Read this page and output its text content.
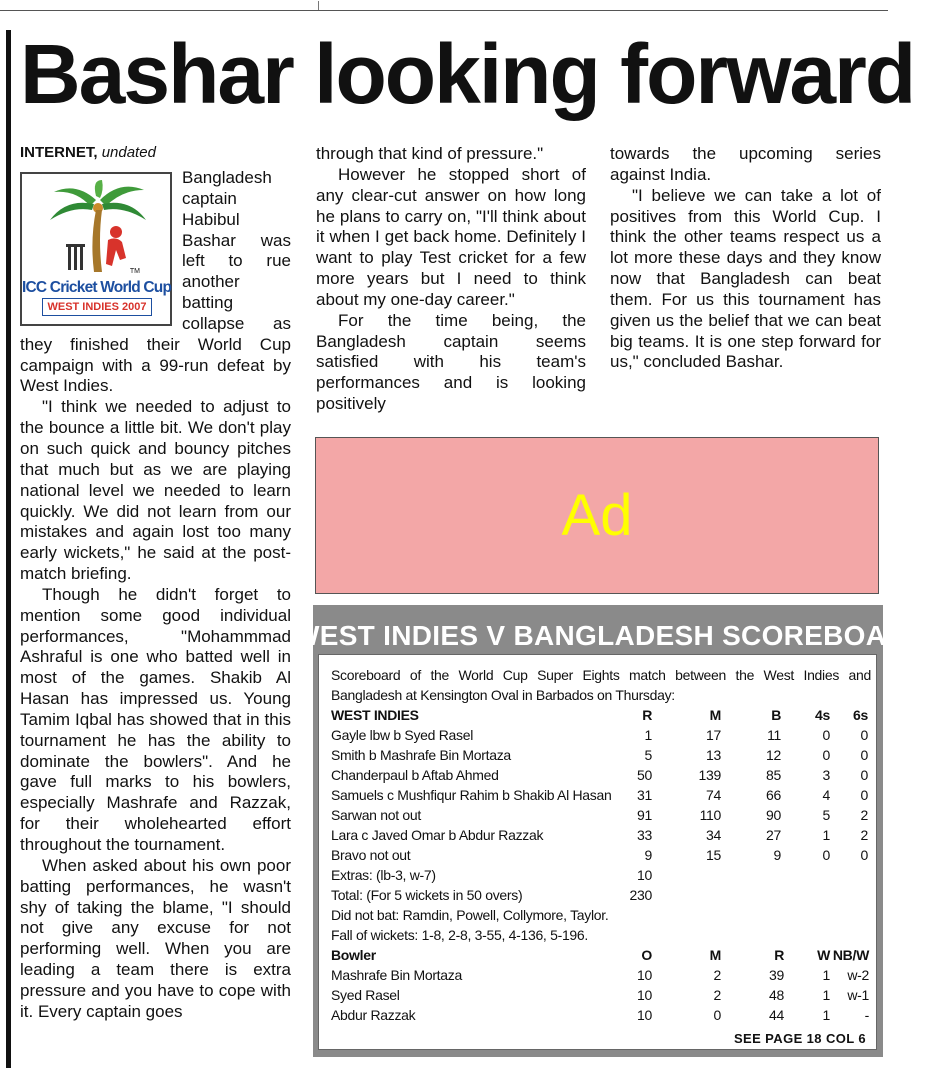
Bashar looking forward
INTERNET, undated
TM
ICC Cricket World Cup
WEST INDIES 2007

Bangladesh captain Habibul Bashar was left to rue another batting collapse as they finished their World Cup campaign with a 99-run defeat by West Indies.

"I think we needed to adjust to the bounce a little bit. We don't play on such quick and bouncy pitches that much but as we are playing national level we needed to learn quickly. We did not learn from our mistakes and again lost too many early wickets," he said at the post-match briefing.

Though he didn't forget to mention some good individual performances, "Mohammmad Ashraful is one who batted well in most of the games. Shakib Al Hasan has impressed us. Young Tamim Iqbal has showed that in this tournament he has the ability to dominate the bowlers". And he gave full marks to his bowlers, especially Mashrafe and Razzak, for their wholehearted effort throughout the tournament.

When asked about his own poor batting performances, he wasn't shy of taking the blame, "I should not give any excuse for not performing well. When you are leading a team there is extra pressure and you have to cope with it. Every captain goes

through that kind of pressure."

However he stopped short of any clear-cut answer on how long he plans to carry on, "I'll think about it when I get back home. Definitely I want to play Test cricket for a few more years but I need to think about my one-day career."

For the time being, the Bangladesh captain seems satisfied with his team's performances and is looking positively

towards the upcoming series against India.

"I believe we can take a lot of positives from this World Cup. I think the other teams respect us a lot more these days and they know now that Bangladesh can beat them. For us this tournament has given us the belief that we can beat big teams. It is one step forward for us," concluded Bashar.

Ad
WEST INDIES V BANGLADESH SCOREBOARD

Scoreboard of the World Cup Super Eights match between the West Indies and Bangladesh at Kensington Oval in Barbados on Thursday:

WEST INDIES	R	M	B 4s 6s
Gayle lbw b Syed Rasel	1	17	11	0 0
Smith b Mashrafe Bin Mortaza	5	13	12	0 0
Chanderpaul b Aftab Ahmed	50	139	85	3 0
Samuels c Mushfiqur Rahim b Shakib Al Hasan 31	74	66	4 0
Sarwan not out	91	110	90	5 2
Lara c Javed Omar b Abdur Razzak	33	34	27	1 2
Bravo not out	9	15	9	0 0
Extras: (lb-3, w-7)	10
Total: (For 5 wickets in 50 overs)	230
Did not bat: Ramdin, Powell, Collymore, Taylor.
Fall of wickets: 1-8, 2-8, 3-55, 4-136, 5-196.
Bowler	O	M	R W NB/W
Mashrafe Bin Mortaza	10	2	39	1 w-2
Syed Rasel	10	2	48	1 w-1
Abdur Razzak	10	0	44	1 -
SEE PAGE 18 COL 6
